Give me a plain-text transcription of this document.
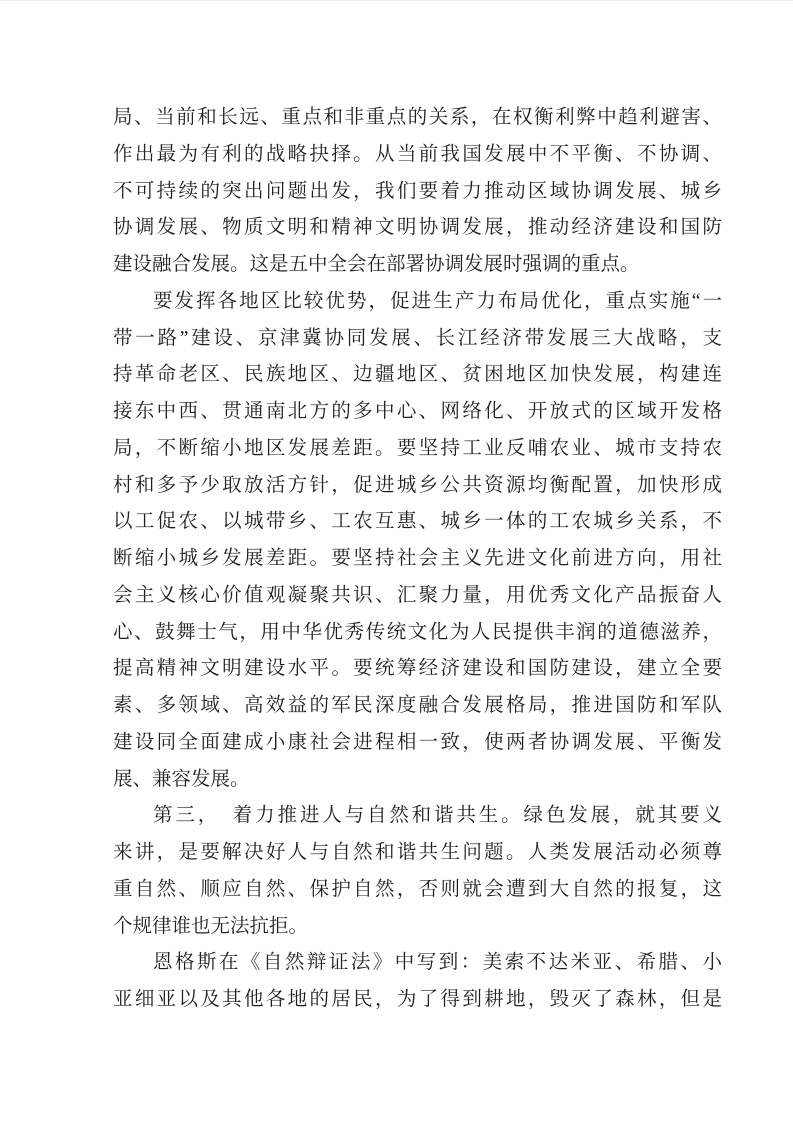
局、当前和长远、重点和非重点的关系，在权衡利弊中趋利避害、
作出最为有利的战略抉择。从当前我国发展中不平衡、不协调、
不可持续的突出问题出发，我们要着力推动区域协调发展、城乡
协调发展、物质文明和精神文明协调发展，推动经济建设和国防
建设融合发展。这是五中全会在部署协调发展时强调的重点。
要发挥各地区比较优势，促进生产力布局优化，重点实施“一
带一路”建设、京津冀协同发展、长江经济带发展三大战略，支
持革命老区、民族地区、边疆地区、贫困地区加快发展，构建连
接东中西、贯通南北方的多中心、网络化、开放式的区域开发格
局，不断缩小地区发展差距。要坚持工业反哺农业、城市支持农
村和多予少取放活方针，促进城乡公共资源均衡配置，加快形成
以工促农、以城带乡、工农互惠、城乡一体的工农城乡关系，不
断缩小城乡发展差距。要坚持社会主义先进文化前进方向，用社
会主义核心价值观凝聚共识、汇聚力量，用优秀文化产品振奋人
心、鼓舞士气，用中华优秀传统文化为人民提供丰润的道德滋养，
提高精神文明建设水平。要统筹经济建设和国防建设，建立全要
素、多领域、高效益的军民深度融合发展格局，推进国防和军队
建设同全面建成小康社会进程相一致，使两者协调发展、平衡发
展、兼容发展。
第三，　着力推进人与自然和谐共生。绿色发展，就其要义
来讲，是要解决好人与自然和谐共生问题。人类发展活动必须尊
重自然、顺应自然、保护自然，否则就会遭到大自然的报复，这
个规律谁也无法抗拒。
恩格斯在《自然辩证法》中写到：美索不达米亚、希腊、小
亚细亚以及其他各地的居民，为了得到耕地，毁灭了森林，但是
